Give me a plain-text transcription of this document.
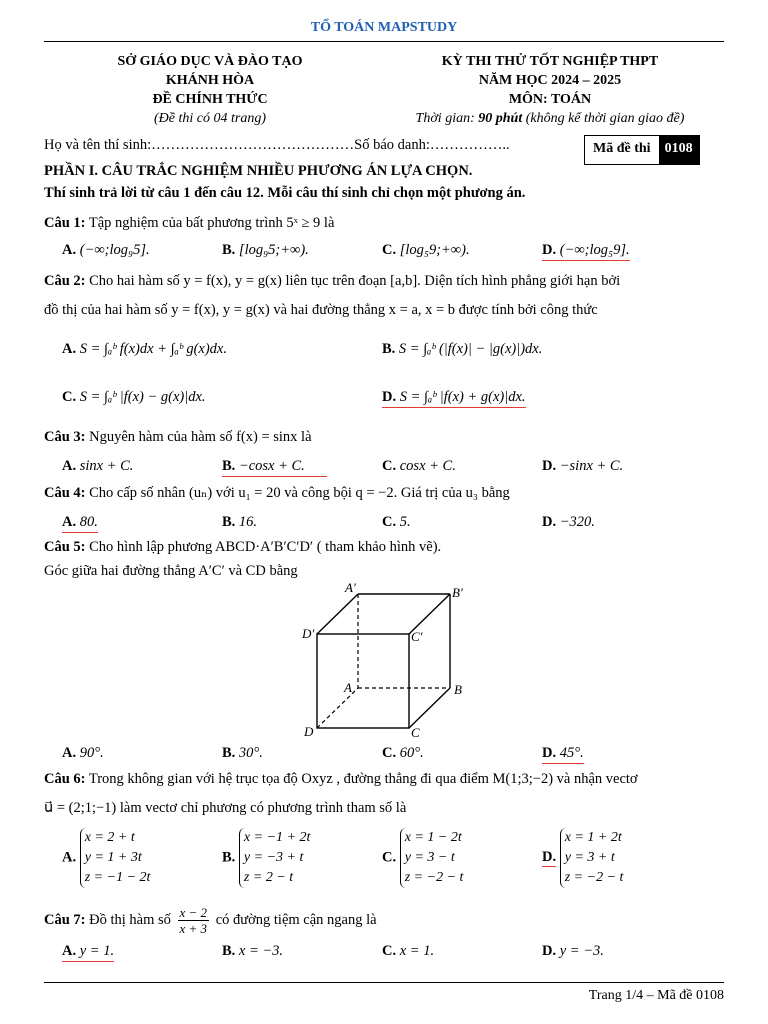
TỔ TOÁN MAPSTUDY
SỞ GIÁO DỤC VÀ ĐÀO TẠO
KHÁNH HÒA
ĐỀ CHÍNH THỨC
(Đề thi có 04 trang)
KỲ THI THỬ TỐT NGHIỆP THPT
NĂM HỌC 2024 – 2025
MÔN: TOÁN
Thời gian: 90 phút (không kể thời gian giao đề)
Họ và tên thí sinh:……………………………………Số báo danh:……………..	Mã đề thi	0108
PHẦN I. CÂU TRẮC NGHIỆM NHIỀU PHƯƠNG ÁN LỰA CHỌN.
Thí sinh trả lời từ câu 1 đến câu 12. Mỗi câu thí sinh chỉ chọn một phương án.
Câu 1: Tập nghiệm của bất phương trình 5ˣ ≥ 9 là
A. (−∞;log₉5].	B. [log₉5;+∞).	C. [log₅9;+∞).	D. (−∞;log₅9].
Câu 2: Cho hai hàm số y = f(x), y = g(x) liên tục trên đoạn [a,b]. Diện tích hình phẳng giới hạn bởi
đồ thị của hai hàm số y = f(x), y = g(x) và hai đường thẳng x = a, x = b được tính bởi công thức
A. S = ∫ₐᵇ f(x)dx + ∫ₐᵇ g(x)dx.	B. S = ∫ₐᵇ (|f(x)| − |g(x)|)dx.
C. S = ∫ₐᵇ |f(x) − g(x)|dx.	D. S = ∫ₐᵇ |f(x) + g(x)|dx.
Câu 3: Nguyên hàm của hàm số f(x) = sinx là
A. sinx + C.	B. −cosx + C.	C. cosx + C.	D. −sinx + C.
Câu 4: Cho cấp số nhân (uₙ) với u₁ = 20 và công bội q = −2. Giá trị của u₃ bằng
A. 80.	B. 16.	C. 5.	D. −320.
Câu 5: Cho hình lập phương ABCD·A′B′C′D′ ( tham khảo hình vẽ).
Góc giữa hai đường thẳng A′C′ và CD bằng
A′	B′
D′	C′
A	B
D	C
A. 90°.	B. 30°.	C. 60°.	D. 45°.
Câu 6: Trong không gian với hệ trục tọa độ Oxyz , đường thẳng đi qua điểm M(1;3;−2) và nhận vectơ
u⃗ = (2;1;−1) làm vectơ chỉ phương có phương trình tham số là
A.
x = 2 + t
y = 1 + 3t
z = −1 − 2t
B.
x = −1 + 2t
y = −3 + t
z = 2 − t
C.
x = 1 − 2t
y = 3 − t
z = −2 − t
D.
x = 1 + 2t
y = 3 + t
z = −2 − t
Câu 7: Đồ thị hàm số x − 2
x + 3
có đường tiệm cận ngang là
A. y = 1.	B. x = −3.	C. x = 1.	D. y = −3.
Trang 1/4 – Mã đề 0108
